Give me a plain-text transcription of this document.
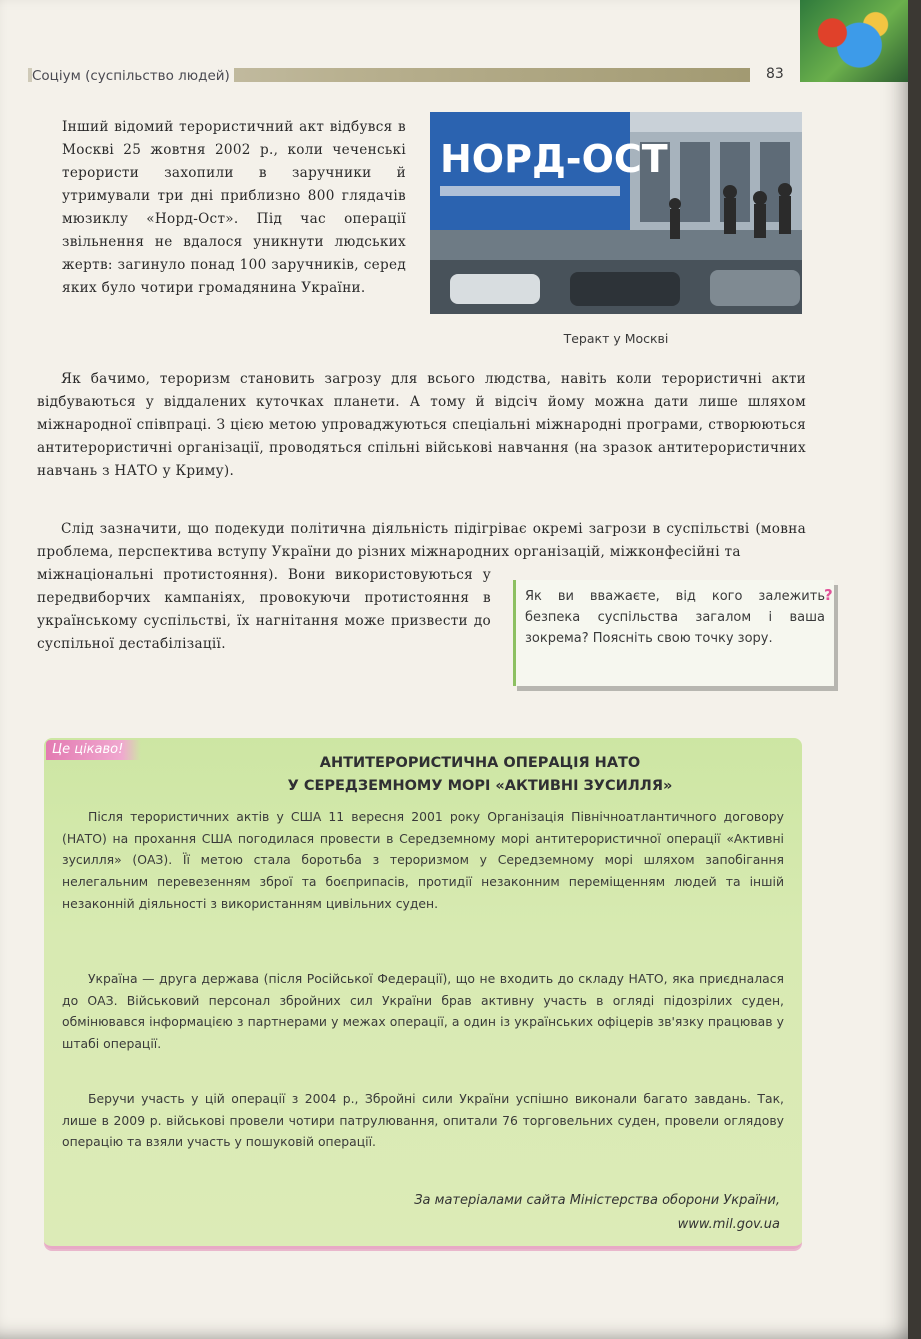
Соціум (суспільство людей)	83

Інший відомий терористичний акт відбувся в Москві 25 жовтня 2002 р., коли чеченські терористи захопили в заручники й утримували три дні приблизно 800 глядачів мюзиклу «Норд-Ост». Під час операції звільнення не вдалося уникнути людських жертв: загинуло понад 100 заручників, серед яких було чотири громадянина України.

НОРД-ОСТ
Теракт у Москві

Як бачимо, тероризм становить загрозу для всього людства, навіть коли терористичні акти відбуваються у віддалених куточках планети. А тому й відсіч йому можна дати лише шляхом міжнародної співпраці. З цією метою упроваджуються спеціальні міжнародні програми, створюються антитерористичні організації, проводяться спільні військові навчання (на зразок антитерористичних навчань з НАТО у Криму).

Слід зазначити, що подекуди політична діяльність підігріває окремі загрози в суспільстві (мовна проблема, перспектива вступу України до різних міжнародних організацій, міжконфесійні та

міжнаціональні протистояння). Вони використовуються у передвиборчих кампаніях, провокуючи протистояння в українському суспільстві, їх нагнітання може призвести до суспільної дестабілізації.

Як ви вважаєте, від кого залежить безпека суспільства загалом і ваша зокрема? Поясніть свою точку зору.

?
Це цікаво!

АНТИТЕРОРИСТИЧНА ОПЕРАЦІЯ НАТО
У СЕРЕДЗЕМНОМУ МОРІ «АКТИВНІ ЗУСИЛЛЯ»

Після терористичних актів у США 11 вересня 2001 року Організація Північноатлантичного договору (НАТО) на прохання США погодилася провести в Середземному морі антитерористичної операції «Активні зусилля» (ОАЗ). Її метою стала боротьба з тероризмом у Середземному морі шляхом запобігання нелегальним перевезенням зброї та боєприпасів, протидії незаконним переміщенням людей та іншій незаконній діяльності з використанням цивільних суден.

Україна — друга держава (після Російської Федерації), що не входить до складу НАТО, яка приєдналася до ОАЗ. Військовий персонал збройних сил України брав активну участь в огляді підозрілих суден, обмінювався інформацією з партнерами у межах операції, а один із українських офіцерів зв'язку працював у штабі операції.

Беручи участь у цій операції з 2004 р., Збройні сили України успішно виконали багато завдань. Так, лише в 2009 р. військові провели чотири патрулювання, опитали 76 торговельних суден, провели оглядову операцію та взяли участь у пошуковій операції.

За матеріалами сайта Міністерства оборони України,

www.mil.gov.ua
